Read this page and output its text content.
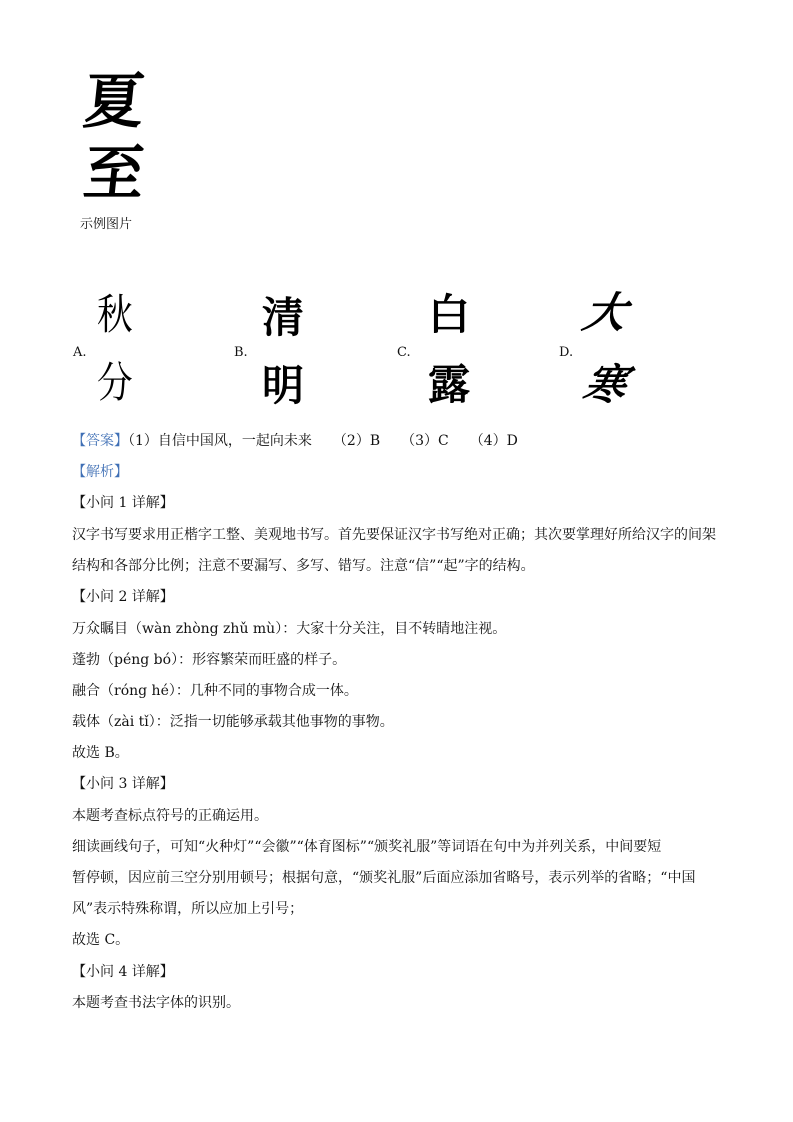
夏
至
示例图片
A.
秋
分
B.
清
明
C.
白
露
D.
大
寒
【答案】（1）自信中国风，一起向未来　　（2）B　　（3）C　　（4）D
【解析】
【小问 1 详解】
汉字书写要求用正楷字工整、美观地书写。首先要保证汉字书写绝对正确；其次要掌理好所给汉字的间架
结构和各部分比例；注意不要漏写、多写、错写。注意“信”“起”字的结构。
【小问 2 详解】
万众瞩目（wàn zhòng zhǔ mù）：大家十分关注，目不转睛地注视。
蓬勃（péng bó）：形容繁荣而旺盛的样子。
融合（róng hé）：几种不同的事物合成一体。
载体（zài tǐ）：泛指一切能够承载其他事物的事物。
故选 B。
【小问 3 详解】
本题考查标点符号的正确运用。
细读画线句子，可知“火种灯”“会徽”“体育图标”“颁奖礼服”等词语在句中为并列关系，中间要短
暂停顿，因应前三空分别用顿号；根据句意，“颁奖礼服”后面应添加省略号，表示列举的省略；“中国
风”表示特殊称谓，所以应加上引号；
故选 C。
【小问 4 详解】
本题考查书法字体的识别。
